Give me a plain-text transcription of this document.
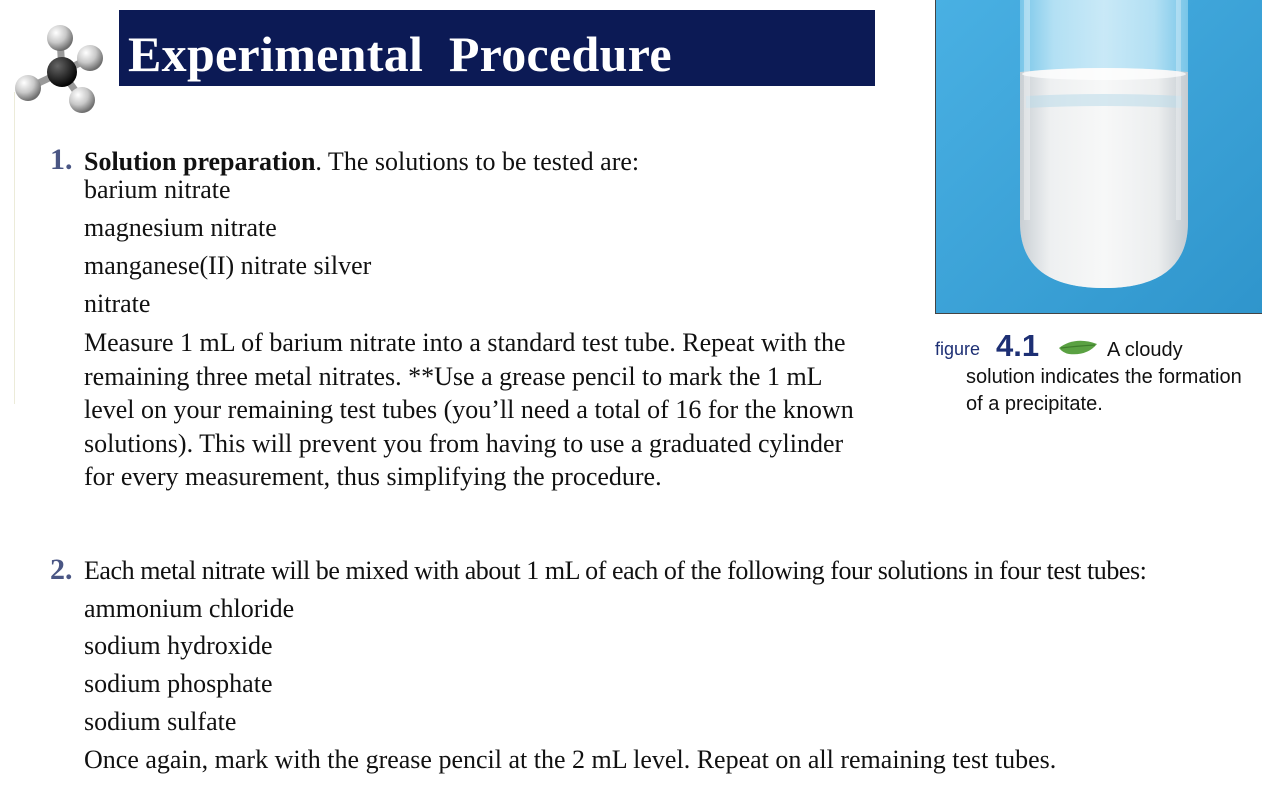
Experimental  Procedure
1. Solution preparation. The solutions to be tested are:
barium nitrate
magnesium nitrate
manganese(II) nitrate silver
nitrate
Measure 1 mL of barium nitrate into a standard test tube. Repeat with the remaining three metal nitrates. **Use a grease pencil to mark the 1 mL level on your remaining test tubes (you’ll need a total of 16 for the known solutions). This will prevent you from having to use a graduated cylinder for every measurement, thus simplifying the procedure.
2. Each metal nitrate will be mixed with about 1 mL of each of the following four solutions in four test tubes:
ammonium chloride
sodium hydroxide
sodium phosphate
sodium sulfate
Once again, mark with the grease pencil at the 2 mL level. Repeat on all remaining test tubes.
figure 4.1	A cloudy solution indicates the formation of a precipitate.
